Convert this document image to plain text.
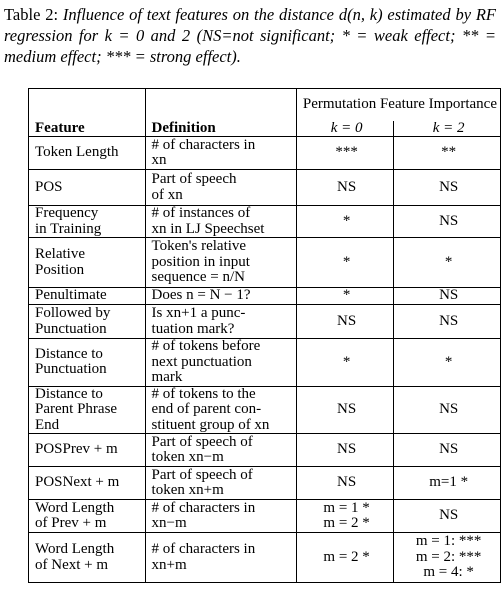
Table 2: Influence of text features on the distance d(n, k) estimated by RF regression for k = 0 and 2 (NS=not significant; * = weak effect; ** = medium effect; *** = strong effect).
		Permutation Feature Importance	
Feature	Definition	k = 0	k = 2

Token Length	# of characters in
xn	***	**

POS	Part of speech
of xn	NS	NS

Frequency
in Training	# of instances of
xn in LJ Speechset	*	NS

Relative
Position	Token's relative
position in input
sequence = n/N	*	*

Penultimate	Does n = N − 1?	*	NS

Followed by
Punctuation	Is xn+1 a punc-
tuation mark?	NS	NS

Distance to
Punctuation	# of tokens before
next punctuation
mark	*	*

Distance to
Parent Phrase
End	# of tokens to the
end of parent con-
stituent group of xn	NS	NS

POSPrev + m	Part of speech of
token xn−m	NS	NS

POSNext + m	Part of speech of
token xn+m	NS	m=1 *

Word Length
of Prev + m	# of characters in
xn−m	m = 1 *
m = 2 *	NS

Word Length
of Next + m	# of characters in
xn+m	m = 2 *	m = 1: ***
m = 2: ***
m = 4: *
